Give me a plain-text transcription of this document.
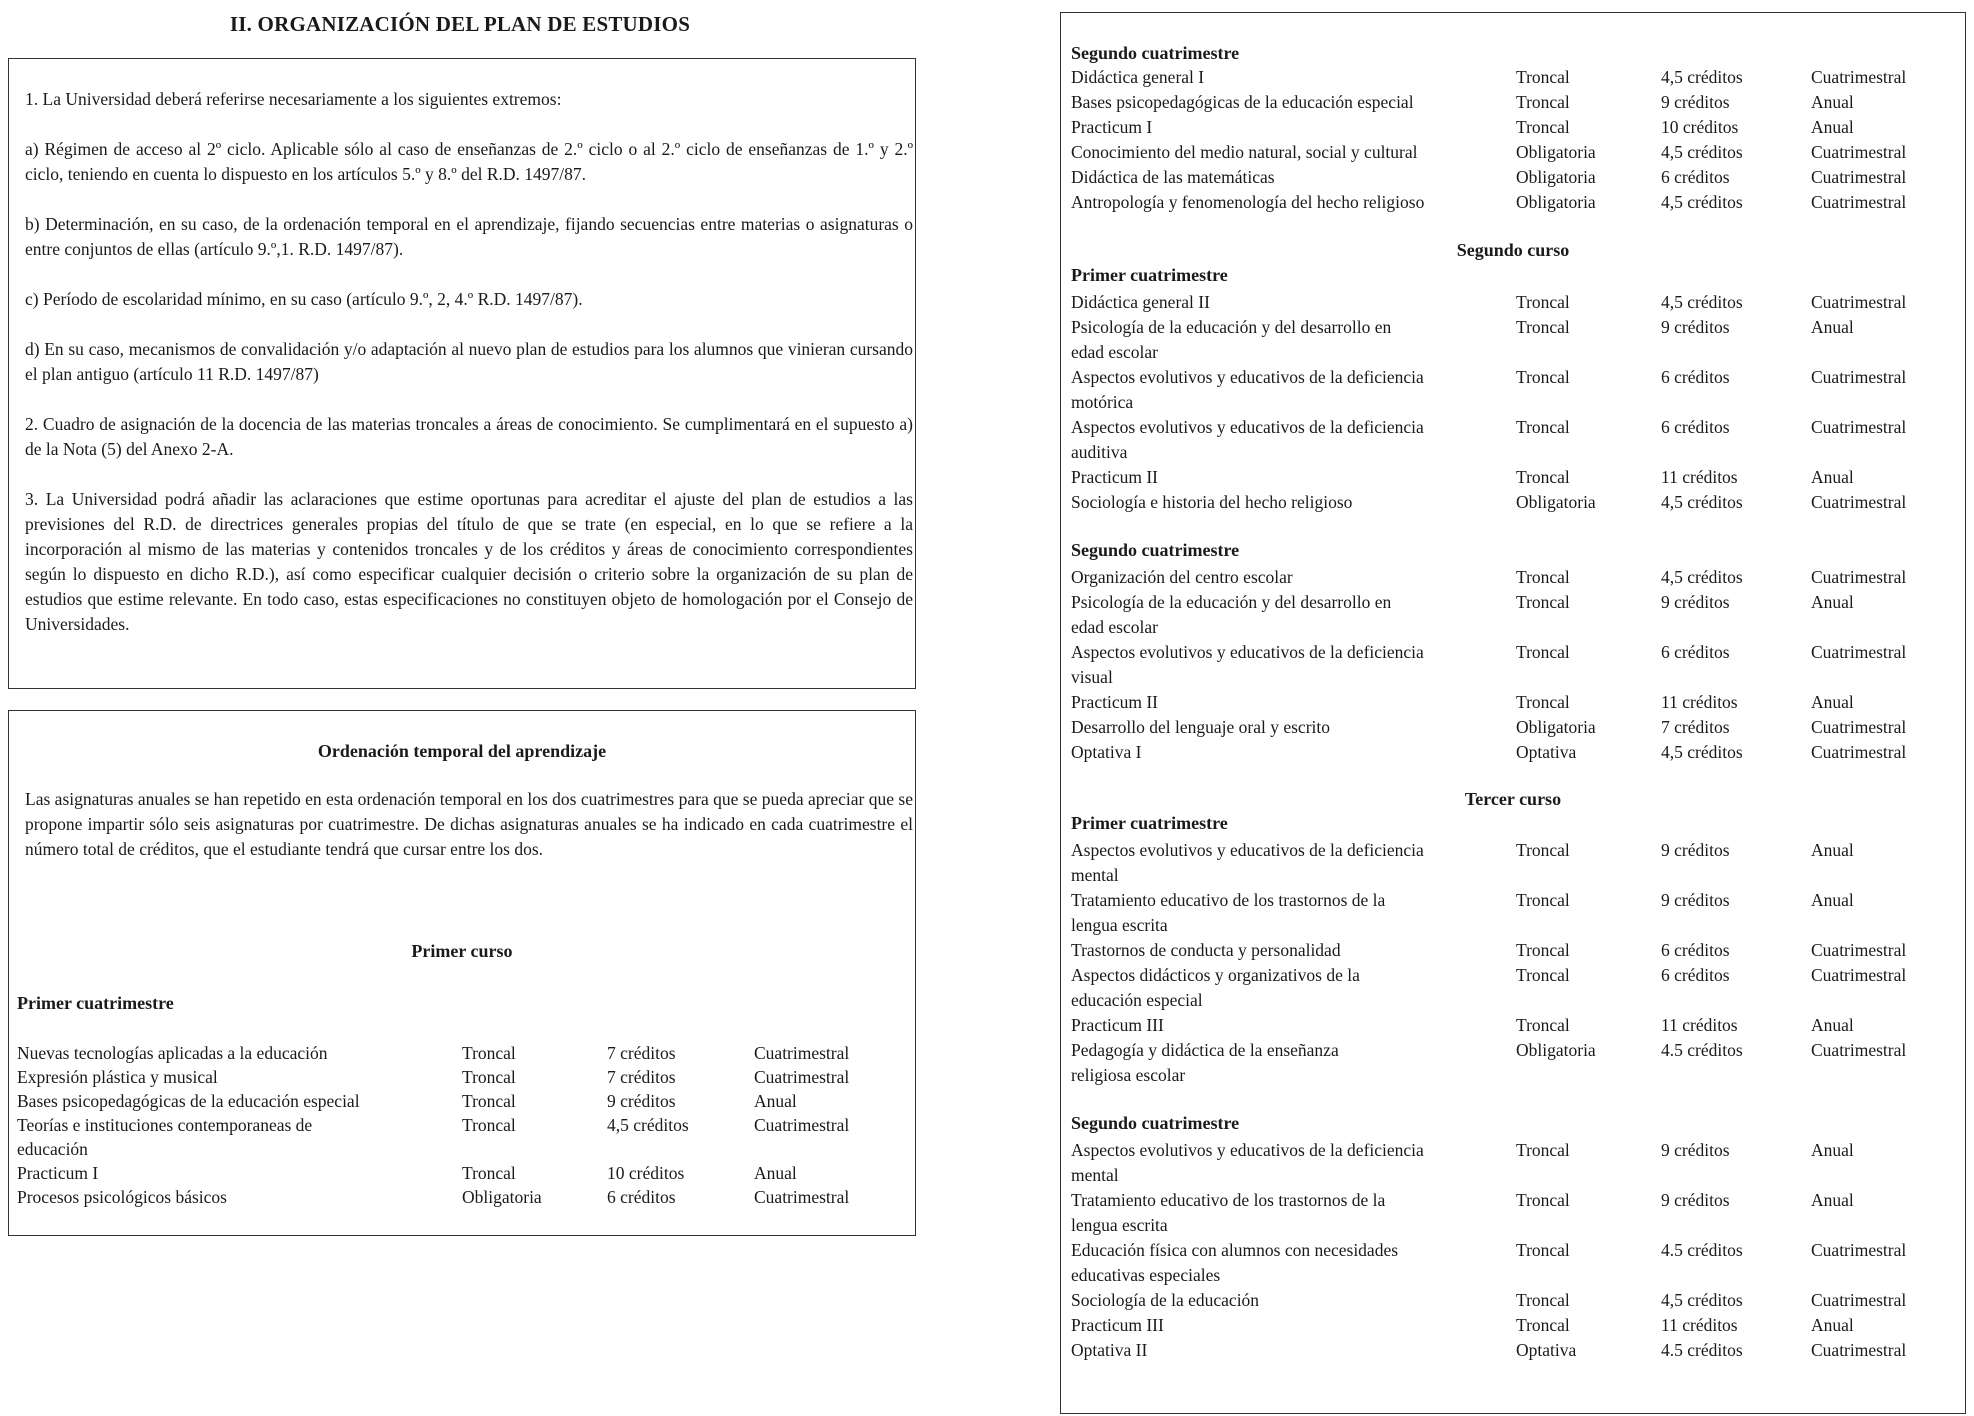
II. ORGANIZACIÓN DEL PLAN DE ESTUDIOS
1. La Universidad deberá referirse necesariamente a los siguientes extremos:
a) Régimen de acceso al 2º ciclo. Aplicable sólo al caso de enseñanzas de 2.º ciclo o al 2.º ciclo de enseñanzas de 1.º y 2.º ciclo, teniendo en cuenta lo dispuesto en los artículos 5.º y 8.º del R.D. 1497/87.
b) Determinación, en su caso, de la ordenación temporal en el aprendizaje, fijando secuencias entre materias o asignaturas o entre conjuntos de ellas (artículo 9.º,1. R.D. 1497/87).
c) Período de escolaridad mínimo, en su caso (artículo 9.º, 2, 4.º R.D. 1497/87).
d) En su caso, mecanismos de convalidación y/o adaptación al nuevo plan de estudios para los alumnos que vinieran cursando el plan antiguo (artículo 11 R.D. 1497/87)
2. Cuadro de asignación de la docencia de las materias troncales a áreas de conocimiento. Se cumplimentará en el supuesto a) de la Nota (5) del Anexo 2-A.
3. La Universidad podrá añadir las aclaraciones que estime oportunas para acreditar el ajuste del plan de estudios a las previsiones del R.D. de directrices generales propias del título de que se trate (en especial, en lo que se refiere a la incorporación al mismo de las materias y contenidos troncales y de los créditos y áreas de conocimiento correspondientes según lo dispuesto en dicho R.D.), así como especificar cualquier decisión o criterio sobre la organización de su plan de estudios que estime relevante. En todo caso, estas especificaciones no constituyen objeto de homologación por el Consejo de Universidades.
Ordenación temporal del aprendizaje
Las asignaturas anuales se han repetido en esta ordenación temporal en los dos cuatrimestres para que se pueda apreciar que se propone impartir sólo seis asignaturas por cuatrimestre. De dichas asignaturas anuales se ha indicado en cada cuatrimestre el número total de créditos, que el estudiante tendrá que cursar entre los dos.
Primer curso
Primer cuatrimestre
Nuevas tecnologías aplicadas a la educación	Troncal	7 créditos	Cuatrimestral
Expresión plástica y musical	Troncal	7 créditos	Cuatrimestral
Bases psicopedagógicas de la educación especial	Troncal	9 créditos	Anual
Teorías e instituciones contemporaneas de	Troncal	4,5 créditos	Cuatrimestral
educación
Practicum I	Troncal	10 créditos	Anual
Procesos psicológicos básicos	Obligatoria	6 créditos	Cuatrimestral
Segundo cuatrimestre
Didáctica general I	Troncal	4,5 créditos	Cuatrimestral
Bases psicopedagógicas de la educación especial	Troncal	9 créditos	Anual
Practicum I	Troncal	10 créditos	Anual
Conocimiento del medio natural, social y cultural	Obligatoria	4,5 créditos	Cuatrimestral
Didáctica de las matemáticas	Obligatoria	6 créditos	Cuatrimestral
Antropología y fenomenología del hecho religioso	Obligatoria	4,5 créditos	Cuatrimestral
Segundo curso
Primer cuatrimestre
Didáctica general II	Troncal	4,5 créditos	Cuatrimestral
Psicología de la educación y del desarrollo en	Troncal	9 créditos	Anual
edad escolar
Aspectos evolutivos y educativos de la deficiencia	Troncal	6 créditos	Cuatrimestral
motórica
Aspectos evolutivos y educativos de la deficiencia	Troncal	6 créditos	Cuatrimestral
auditiva
Practicum II	Troncal	11 créditos	Anual
Sociología e historia del hecho religioso	Obligatoria	4,5 créditos	Cuatrimestral
Segundo cuatrimestre
Organización del centro escolar	Troncal	4,5 créditos	Cuatrimestral
Psicología de la educación y del desarrollo en	Troncal	9 créditos	Anual
edad escolar
Aspectos evolutivos y educativos de la deficiencia	Troncal	6 créditos	Cuatrimestral
visual
Practicum II	Troncal	11 créditos	Anual
Desarrollo del lenguaje oral y escrito	Obligatoria	7 créditos	Cuatrimestral
Optativa I	Optativa	4,5 créditos	Cuatrimestral
Tercer curso
Primer cuatrimestre
Aspectos evolutivos y educativos de la deficiencia	Troncal	9 créditos	Anual
mental
Tratamiento educativo de los trastornos de la	Troncal	9 créditos	Anual
lengua escrita
Trastornos de conducta y personalidad	Troncal	6 créditos	Cuatrimestral
Aspectos didácticos y organizativos de la	Troncal	6 créditos	Cuatrimestral
educación especial
Practicum III	Troncal	11 créditos	Anual
Pedagogía y didáctica de la enseñanza	Obligatoria	4.5 créditos	Cuatrimestral
religiosa escolar
Segundo cuatrimestre
Aspectos evolutivos y educativos de la deficiencia	Troncal	9 créditos	Anual
mental
Tratamiento educativo de los trastornos de la	Troncal	9 créditos	Anual
lengua escrita
Educación física con alumnos con necesidades	Troncal	4.5 créditos	Cuatrimestral
educativas especiales
Sociología de la educación	Troncal	4,5 créditos	Cuatrimestral
Practicum III	Troncal	11 créditos	Anual
Optativa II	Optativa	4.5 créditos	Cuatrimestral
